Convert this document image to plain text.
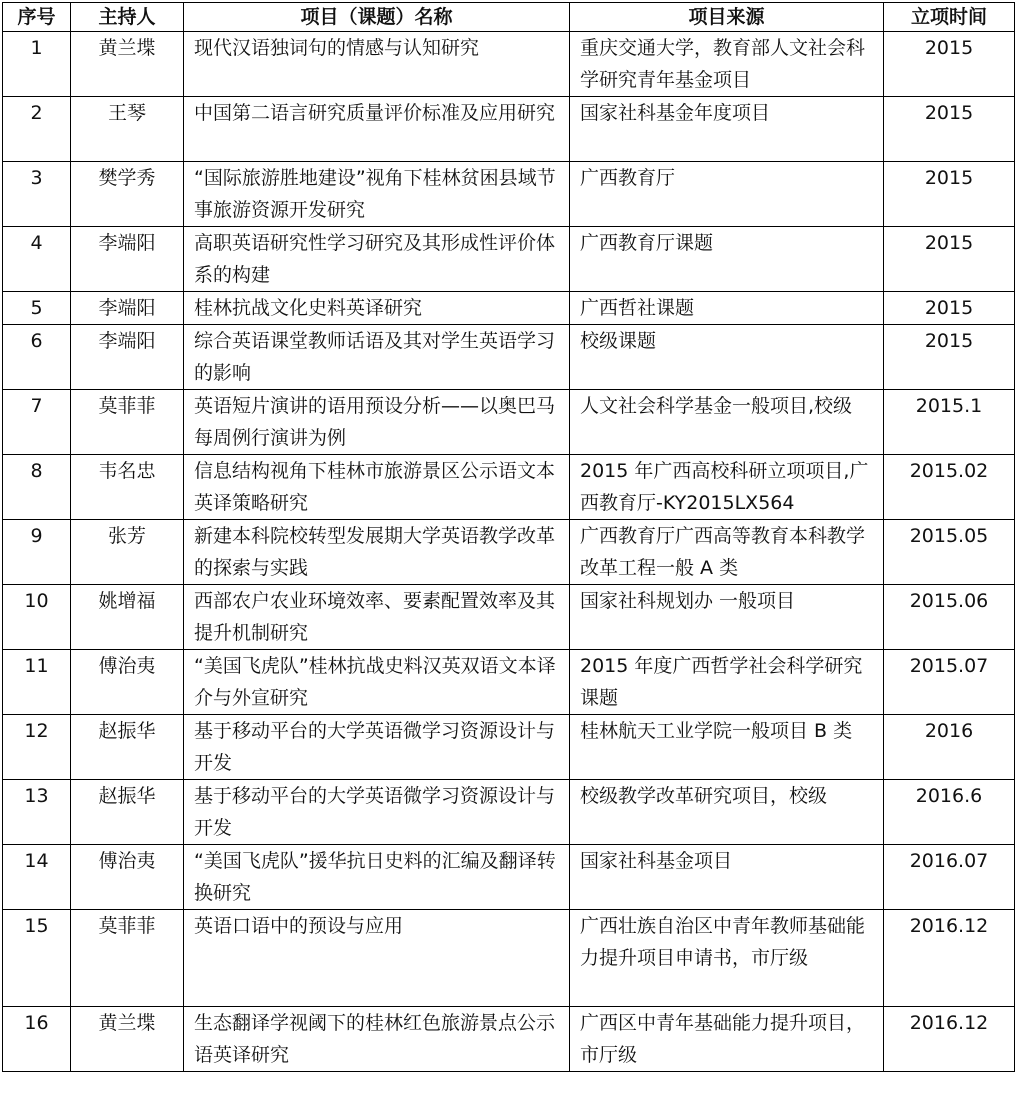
序号	主持人	项目（课题）名称	项目来源	立项时间
1	黄兰堞	现代汉语独词句的情感与认知研究	重庆交通大学，教育部人文社会科学研究青年基金项目	2015
2	王琴	中国第二语言研究质量评价标准及应用研究	国家社科基金年度项目	2015
3	樊学秀	“国际旅游胜地建设”视角下桂林贫困县域节事旅游资源开发研究	广西教育厅	2015
4	李端阳	高职英语研究性学习研究及其形成性评价体系的构建	广西教育厅课题	2015
5	李端阳	桂林抗战文化史料英译研究	广西哲社课题	2015
6	李端阳	综合英语课堂教师话语及其对学生英语学习的影响	校级课题	2015
7	莫菲菲	英语短片演讲的语用预设分析——以奥巴马每周例行演讲为例	人文社会科学基金一般项目,校级	2015.1
8	韦名忠	信息结构视角下桂林市旅游景区公示语文本英译策略研究	2015 年广西高校科研立项项目,广西教育厅-KY2015LX564	2015.02
9	张芳	新建本科院校转型发展期大学英语教学改革的探索与实践	广西教育厅广西高等教育本科教学改革工程一般 A 类	2015.05
10	姚增福	西部农户农业环境效率、要素配置效率及其提升机制研究	国家社科规划办 一般项目	2015.06
11	傅治夷	“美国飞虎队”桂林抗战史料汉英双语文本译介与外宣研究	2015 年度广西哲学社会科学研究课题	2015.07
12	赵振华	基于移动平台的大学英语微学习资源设计与开发	桂林航天工业学院一般项目 B 类	2016
13	赵振华	基于移动平台的大学英语微学习资源设计与开发	校级教学改革研究项目，校级	2016.6
14	傅治夷	“美国飞虎队”援华抗日史料的汇编及翻译转换研究	国家社科基金项目	2016.07
15	莫菲菲	英语口语中的预设与应用	广西壮族自治区中青年教师基础能力提升项目申请书，市厅级	2016.12
16	黄兰堞	生态翻译学视阈下的桂林红色旅游景点公示语英译研究	广西区中青年基础能力提升项目，市厅级	2016.12
